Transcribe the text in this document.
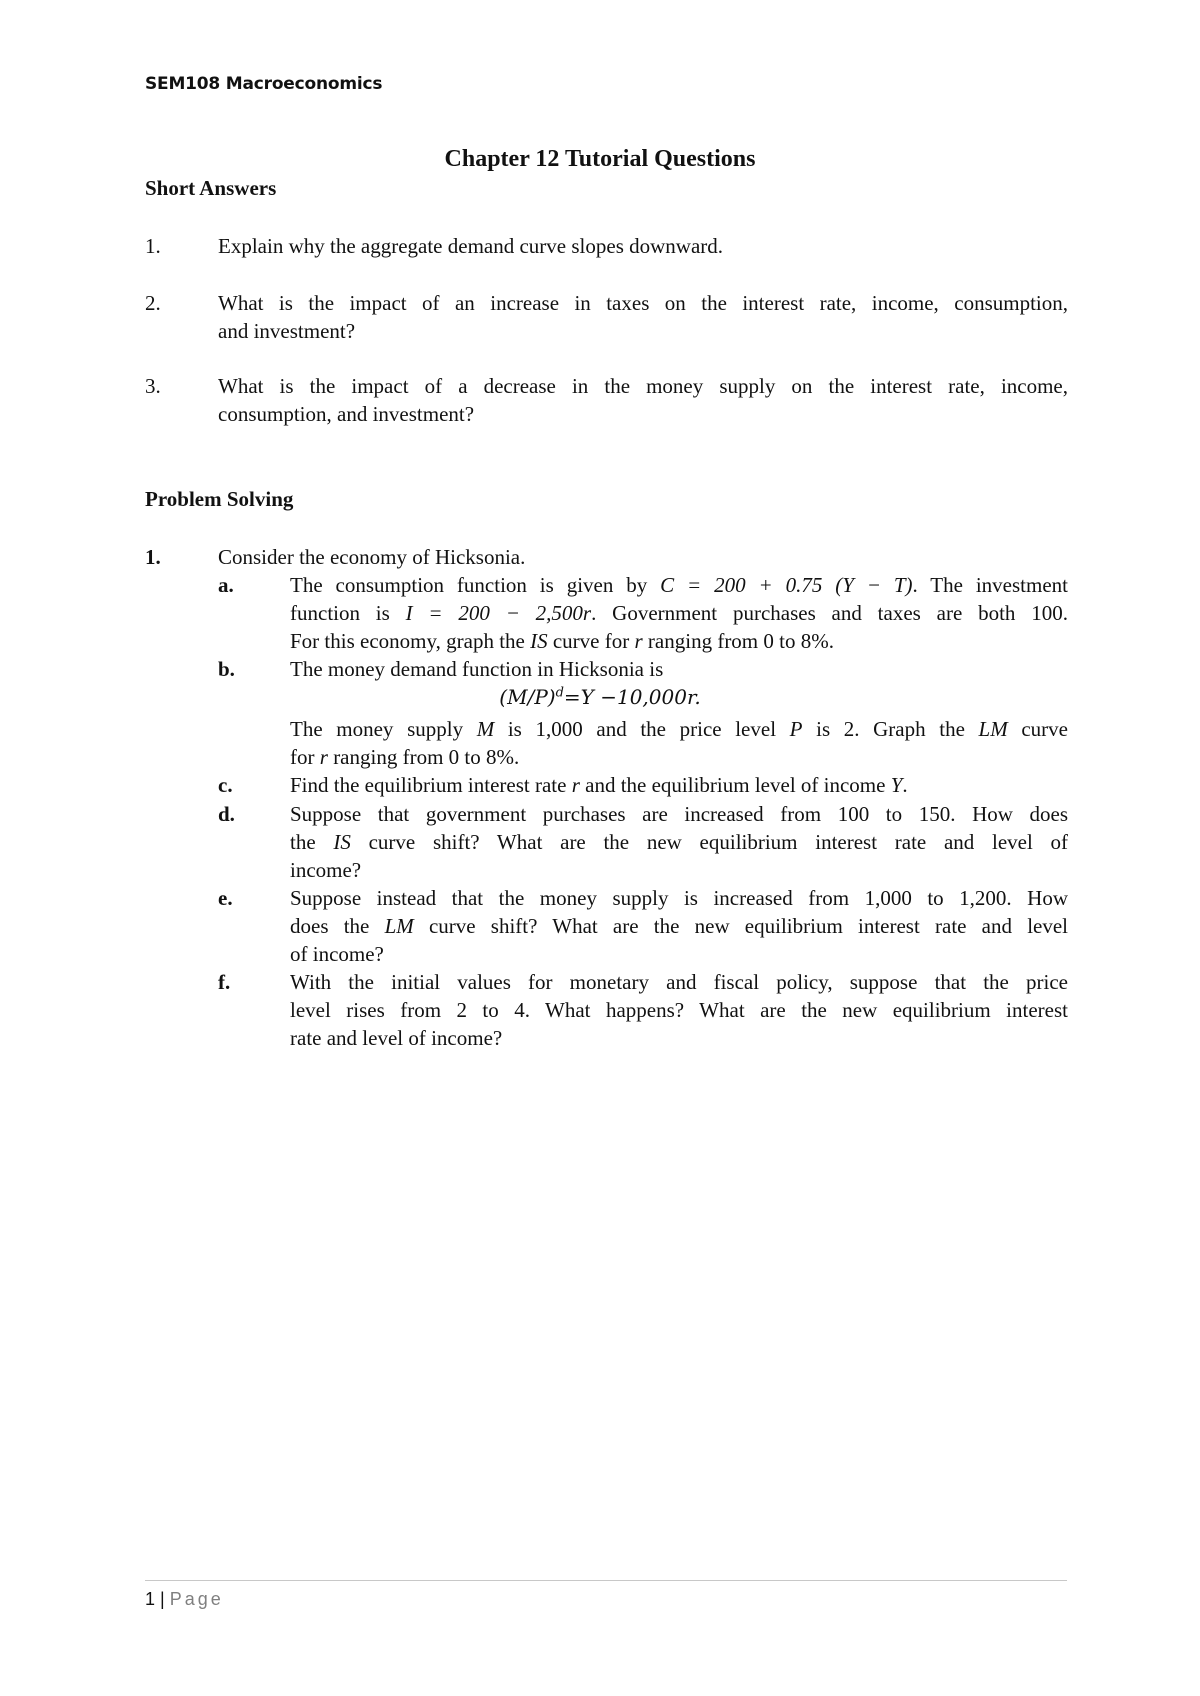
SEM108 Macroeconomics
Chapter 12 Tutorial Questions
Short Answers
1.	Explain why the aggregate demand curve slopes downward.
2.	What is the impact of an increase in taxes on the interest rate, income, consumption,
and investment?
3.	What is the impact of a decrease in the money supply on the interest rate, income,
consumption, and investment?
Problem Solving
1.	Consider the economy of Hicksonia.
a.	The consumption function is given by C = 200 + 0.75 (Y − T). The investment
function is I = 200 − 2,500r. Government purchases and taxes are both 100.
For this economy, graph the IS curve for r ranging from 0 to 8%.
b.	The money demand function in Hicksonia is
$(M/P)^d=Y -10,000r$.
The money supply M is 1,000 and the price level P is 2. Graph the LM curve
for r ranging from 0 to 8%.
c.	Find the equilibrium interest rate r and the equilibrium level of income Y.
d.	Suppose that government purchases are increased from 100 to 150. How does
the IS curve shift? What are the new equilibrium interest rate and level of
income?
e.	Suppose instead that the money supply is increased from 1,000 to 1,200. How
does the LM curve shift? What are the new equilibrium interest rate and level
of income?
f.	With the initial values for monetary and fiscal policy, suppose that the price
level rises from 2 to 4. What happens? What are the new equilibrium interest
rate and level of income?
1 | Page
